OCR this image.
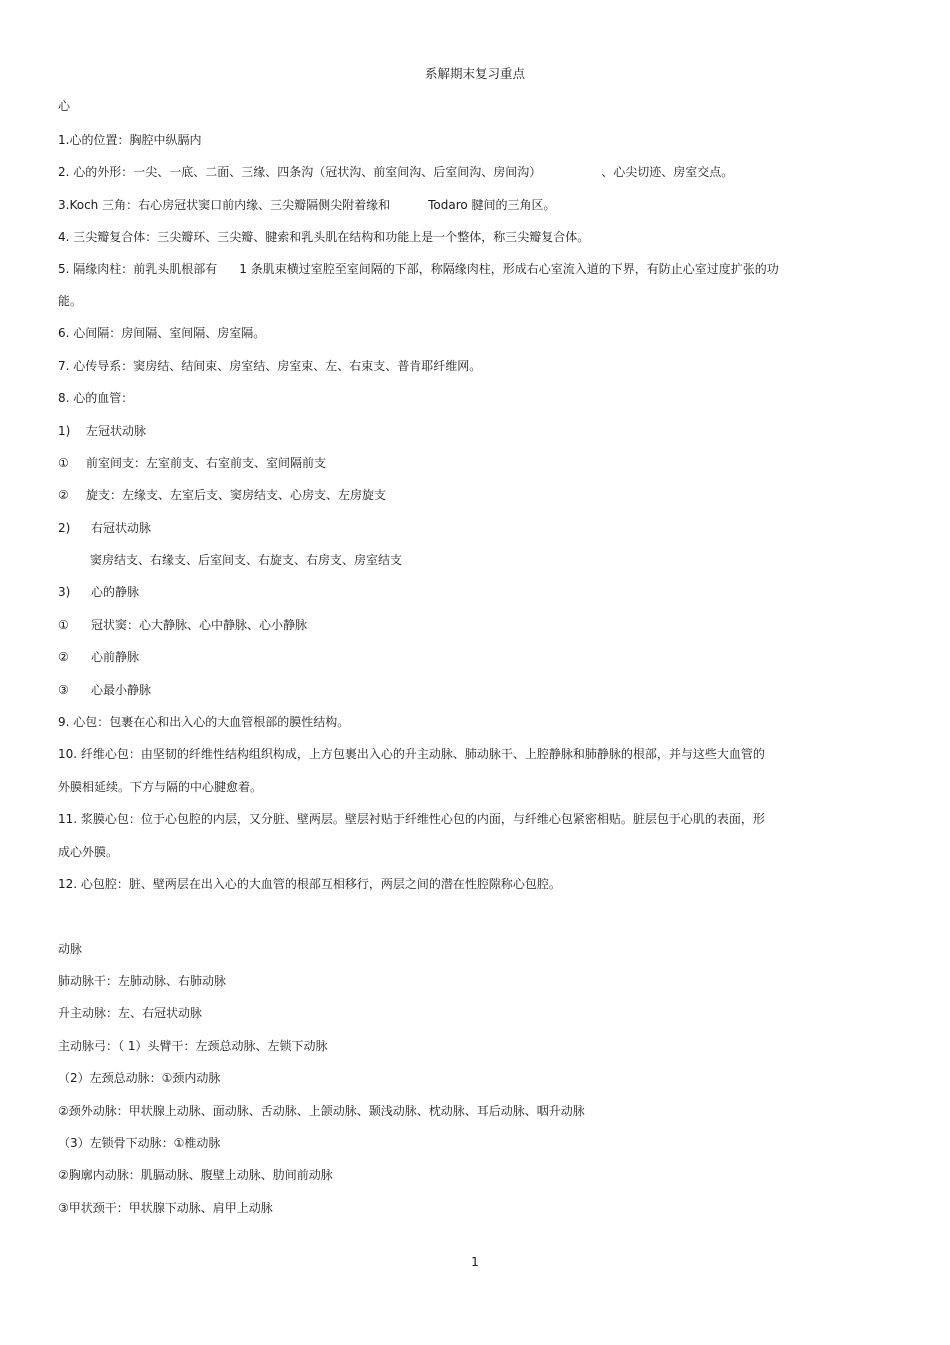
系解期末复习重点
心
1.心的位置：胸腔中纵膈内
2. 心的外形：一尖、一底、二面、三缘、四条沟（冠状沟、前室间沟、后室间沟、房间沟）	、心尖切迹、房室交点。
3.Koch 三角：右心房冠状窦口前内缘、三尖瓣隔侧尖附着缘和	Todaro 腱间的三角区。
4. 三尖瓣复合体：三尖瓣环、三尖瓣、腱索和乳头肌在结构和功能上是一个整体，称三尖瓣复合体。
5. 隔缘肉柱：前乳头肌根部有 1 条肌束横过室腔至室间隔的下部，称隔缘肉柱，形成右心室流入道的下界，有防止心室过度扩张的功
能。
6. 心间隔：房间隔、室间隔、房室隔。
7. 心传导系：窦房结、结间束、房室结、房室束、左、右束支、普肯耶纤维网。
8. 心的血管：
1) 左冠状动脉
① 前室间支：左室前支、右室前支、室间隔前支
② 旋支：左缘支、左室后支、窦房结支、心房支、左房旋支
2) 右冠状动脉
窦房结支、右缘支、后室间支、右旋支、右房支、房室结支
3) 心的静脉
① 冠状窦：心大静脉、心中静脉、心小静脉
② 心前静脉
③ 心最小静脉
9. 心包：包裹在心和出入心的大血管根部的膜性结构。
10. 纤维心包：由坚韧的纤维性结构组织构成，上方包裹出入心的升主动脉、肺动脉干、上腔静脉和肺静脉的根部，并与这些大血管的
外膜相延续。下方与隔的中心腱愈着。
11. 浆膜心包：位于心包腔的内层，又分脏、壁两层。壁层衬贴于纤维性心包的内面，与纤维心包紧密相贴。脏层包于心肌的表面，形
成心外膜。
12. 心包腔：脏、壁两层在出入心的大血管的根部互相移行，两层之间的潜在性腔隙称心包腔。
动脉
肺动脉干：左肺动脉、右肺动脉
升主动脉：左、右冠状动脉
主动脉弓：（ 1）头臂干：左颈总动脉、左锁下动脉
（2）左颈总动脉：①颈内动脉
②颈外动脉：甲状腺上动脉、面动脉、舌动脉、上颌动脉、颞浅动脉、枕动脉、耳后动脉、咽升动脉
（3）左锁骨下动脉：①椎动脉
②胸廓内动脉：肌膈动脉、腹壁上动脉、肋间前动脉
③甲状颈干：甲状腺下动脉、肩甲上动脉
1
